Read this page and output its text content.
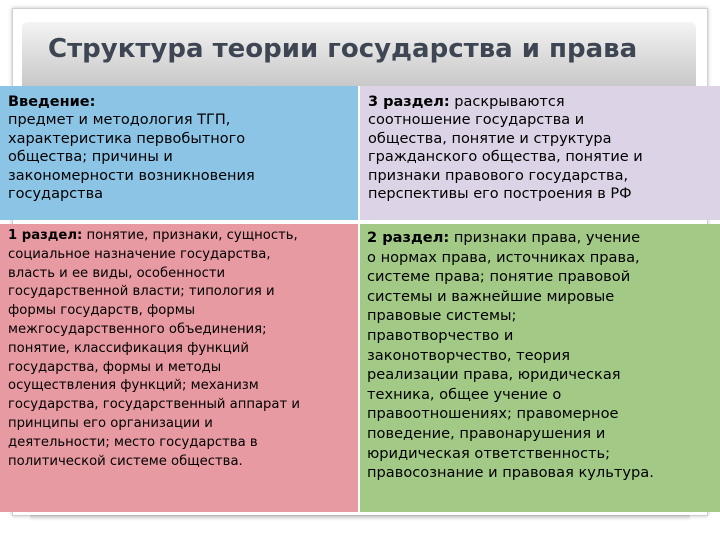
Структура теории государства и права
Введение:
предмет и методология ТГП,
характеристика первобытного
общества; причины и
закономерности возникновения
государства
3 раздел: раскрываются
соотношение государства и
общества, понятие и структура
гражданского общества, понятие и
признаки правового государства,
перспективы его построения в РФ
1 раздел: понятие, признаки, сущность,
социальное назначение государства,
власть и ее виды, особенности
государственной власти; типология и
формы государств, формы
межгосударственного объединения;
понятие, классификация функций
государства, формы и методы
осуществления функций; механизм
государства, государственный аппарат и
принципы его организации и
деятельности; место государства в
политической системе общества.
2 раздел: признаки права, учение
о нормах права, источниках права,
системе права; понятие правовой
системы и важнейшие мировые
правовые системы;
правотворчество и
законотворчество, теория
реализации права, юридическая
техника, общее учение о
правоотношениях; правомерное
поведение, правонарушения и
юридическая ответственность;
правосознание и правовая культура.
